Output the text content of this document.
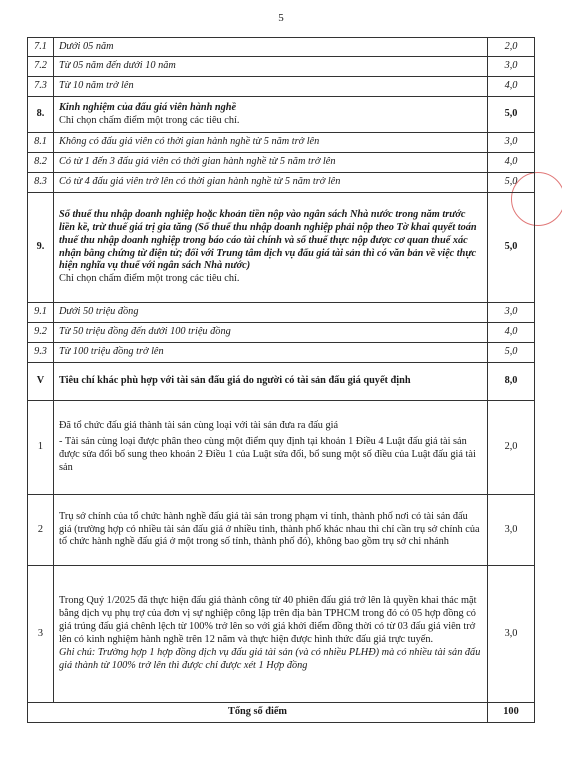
5
7.1	Dưới 05 năm	2,0
7.2	Từ 05 năm đến dưới 10 năm	3,0
7.3	Từ 10 năm trở lên	4,0
8.	Kinh nghiệm của đấu giá viên hành nghề

Chỉ chọn chấm điểm một trong các tiêu chí.	5,0
8.1	Không có đấu giá viên có thời gian hành nghề từ 5 năm trở lên	3,0
8.2	Có từ 1 đến 3 đấu giá viên có thời gian hành nghề từ 5 năm trở lên	4,0
8.3	Có từ 4 đấu giá viên trở lên có thời gian hành nghề từ 5 năm trở lên	5,0
9.	Số thuế thu nhập doanh nghiệp hoặc khoản tiền nộp vào ngân sách Nhà nước trong năm trước liền kề, trừ thuế giá trị gia tăng (Số thuế thu nhập doanh nghiệp phải nộp theo Tờ khai quyết toán thuế thu nhập doanh nghiệp trong báo cáo tài chính và số thuế thực nộp được cơ quan thuế xác nhận bằng chứng từ điện tử; đối với Trung tâm dịch vụ đấu giá tài sản thì có văn bản về việc thực hiện nghĩa vụ thuế với ngân sách Nhà nước)

Chỉ chọn chấm điểm một trong các tiêu chí.	5,0
9.1	Dưới 50 triệu đồng	3,0
9.2	Từ 50 triệu đồng đến dưới 100 triệu đồng	4,0
9.3	Từ 100 triệu đồng trở lên	5,0
V	Tiêu chí khác phù hợp với tài sản đấu giá do người có tài sản đấu giá quyết định	8,0
1	Đã tổ chức đấu giá thành tài sản cùng loại với tài sản đưa ra đấu giá

- Tài sản cùng loại được phân theo cùng một điểm quy định tại khoản 1 Điều 4 Luật đấu giá tài sản được sửa đổi bổ sung theo khoản 2 Điều 1 của Luật sửa đổi, bổ sung một số điều của Luật đấu giá tài sản	2,0
2	Trụ sở chính của tổ chức hành nghề đấu giá tài sản trong phạm vi tỉnh, thành phố nơi có tài sản đấu giá (trường hợp có nhiều tài sản đấu giá ở nhiều tỉnh, thành phố khác nhau thì chỉ cần trụ sở chính của tổ chức hành nghề đấu giá ở một trong số tỉnh, thành phố đó), không bao gồm trụ sở chi nhánh	3,0
3	Trong Quý 1/2025 đã thực hiện đấu giá thành công từ 40 phiên đấu giá trở lên là quyền khai thác mặt bằng dịch vụ phụ trợ của đơn vị sự nghiệp công lập trên địa bàn TPHCM trong đó có 05 hợp đồng có giá trúng đấu giá chênh lệch từ 100% trở lên so với giá khởi điểm đồng thời có từ 03 đấu giá viên trở lên có kinh nghiệm hành nghề trên 12 năm và thực hiện được hình thức đấu giá trực tuyến.

Ghi chú: Trường hợp 1 hợp đồng dịch vụ đấu giá tài sản (và có nhiều PLHĐ) mà có nhiều tài sản đấu giá thành từ 100% trở lên thì được chỉ được xét 1 Hợp đồng	3,0
Tổng số điểm		100
